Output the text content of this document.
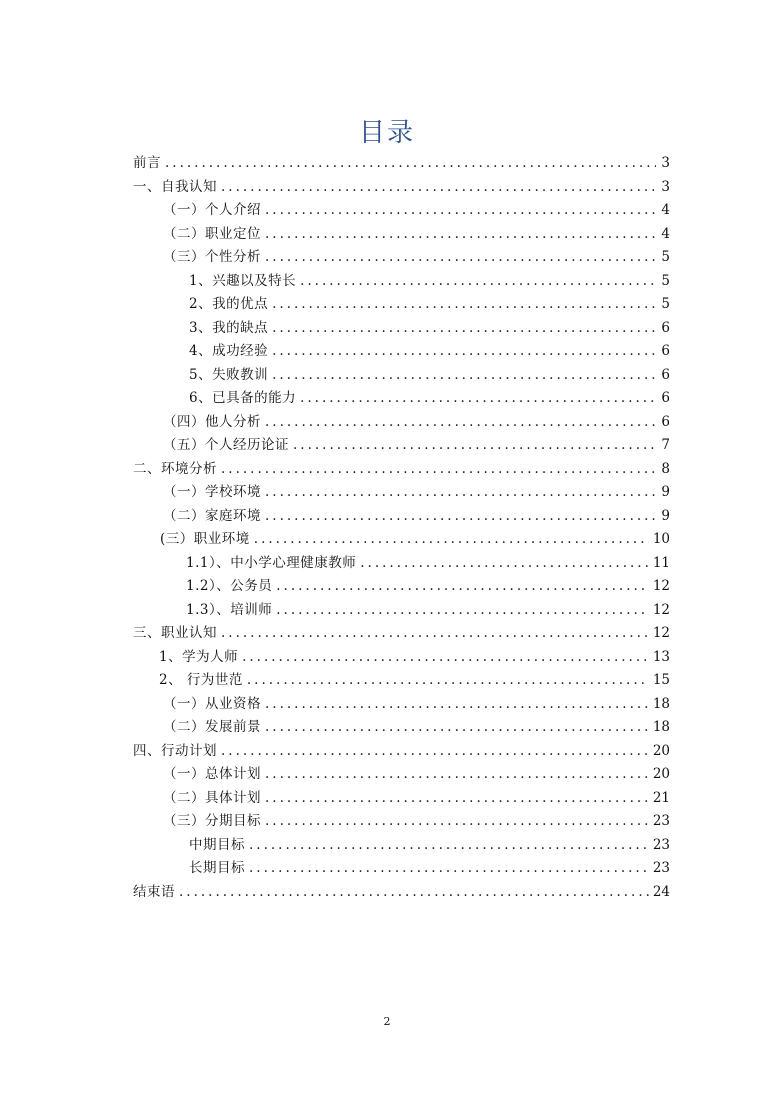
目录
前言 .....	3
一、自我认知 .....	3
（一）个人介绍 .....	4
（二）职业定位 .....	4
（三）个性分析 .....	5
1、兴趣以及特长 .....	5
2、我的优点 .....	5
3、我的缺点 .....	6
4、成功经验 .....	6
5、失败教训 .....	6
6、已具备的能力 .....	6
（四）他人分析 .....	6
（五）个人经历论证 .....	7
二、环境分析 .....	8
（一）学校环境 .....	9
（二）家庭环境 .....	9
(三）职业环境 .....	10
1.1）、中小学心理健康教师 .....	11
1.2）、公务员 .....	12
1.3）、培训师 .....	12
三、职业认知 .....	12
1、学为人师 .....	13
2、 行为世范 .....	15
（一）从业资格 .....	18
（二）发展前景 .....	18
四、行动计划 .....	20
（一）总体计划 .....	20
（二）具体计划 .....	21
（三）分期目标 .....	23
中期目标 .....	23
长期目标 .....	23
结束语 .....	24
2
